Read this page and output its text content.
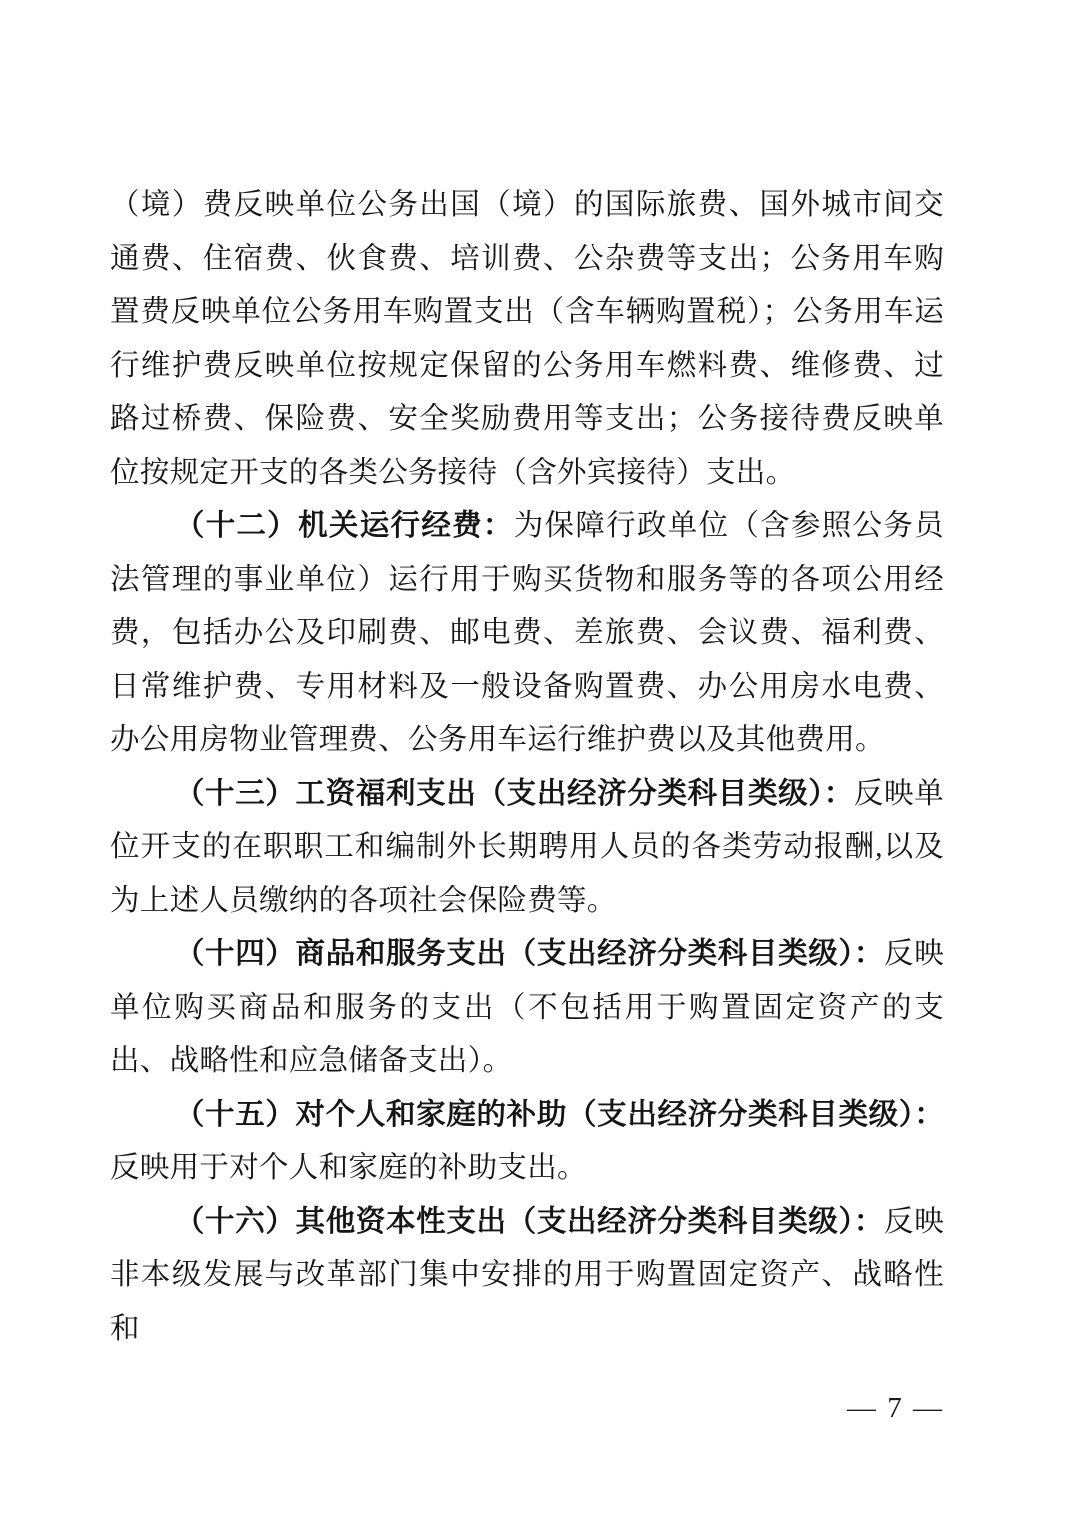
（境）费反映单位公务出国（境）的国际旅费、国外城市间交通费、住宿费、伙食费、培训费、公杂费等支出；公务用车购置费反映单位公务用车购置支出（含车辆购置税）；公务用车运行维护费反映单位按规定保留的公务用车燃料费、维修费、过路过桥费、保险费、安全奖励费用等支出；公务接待费反映单位按规定开支的各类公务接待（含外宾接待）支出。

（十二）机关运行经费：为保障行政单位（含参照公务员法管理的事业单位）运行用于购买货物和服务等的各项公用经费，包括办公及印刷费、邮电费、差旅费、会议费、福利费、日常维护费、专用材料及一般设备购置费、办公用房水电费、办公用房物业管理费、公务用车运行维护费以及其他费用。

（十三）工资福利支出（支出经济分类科目类级）：反映单位开支的在职职工和编制外长期聘用人员的各类劳动报酬,以及为上述人员缴纳的各项社会保险费等。

（十四）商品和服务支出（支出经济分类科目类级）：反映单位购买商品和服务的支出（不包括用于购置固定资产的支出、战略性和应急储备支出）。

（十五）对个人和家庭的补助（支出经济分类科目类级）：反映用于对个人和家庭的补助支出。

（十六）其他资本性支出（支出经济分类科目类级）：反映非本级发展与改革部门集中安排的用于购置固定资产、战略性和

— 7 —
